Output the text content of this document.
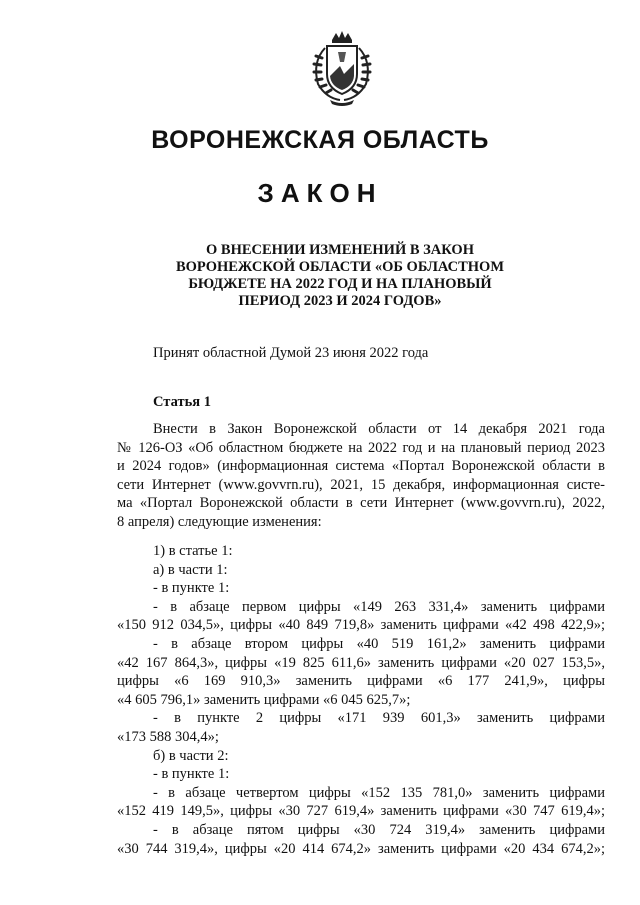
ВОРОНЕЖСКАЯ ОБЛАСТЬ
ЗАКОН
О ВНЕСЕНИИ ИЗМЕНЕНИЙ В ЗАКОН
ВОРОНЕЖСКОЙ ОБЛАСТИ «ОБ ОБЛАСТНОМ
БЮДЖЕТЕ НА 2022 ГОД И НА ПЛАНОВЫЙ
ПЕРИОД 2023 И 2024 ГОДОВ»
Принят областной Думой 23 июня 2022 года
Статья 1
Внести в Закон Воронежской области от 14 декабря 2021 года
№ 126-ОЗ «Об областном бюджете на 2022 год и на плановый период 2023
и 2024 годов» (информационная система «Портал Воронежской области в
сети Интернет (www.govvrn.ru), 2021, 15 декабря, информационная систе-
ма «Портал Воронежской области в сети Интернет (www.govvrn.ru), 2022,
8 апреля) следующие изменения:
1) в статье 1:
а) в части 1:
- в пункте 1:
- в абзаце первом цифры «149 263 331,4» заменить цифрами
«150 912 034,5», цифры «40 849 719,8» заменить цифрами «42 498 422,9»;
- в абзаце втором цифры «40 519 161,2» заменить цифрами
«42 167 864,3», цифры «19 825 611,6» заменить цифрами «20 027 153,5»,
цифры «6 169 910,3» заменить цифрами «6 177 241,9», цифры
«4 605 796,1» заменить цифрами «6 045 625,7»;
- в пункте 2 цифры «171 939 601,3» заменить цифрами
«173 588 304,4»;
б) в части 2:
- в пункте 1:
- в абзаце четвертом цифры «152 135 781,0» заменить цифрами
«152 419 149,5», цифры «30 727 619,4» заменить цифрами «30 747 619,4»;
- в абзаце пятом цифры «30 724 319,4» заменить цифрами
«30 744 319,4», цифры «20 414 674,2» заменить цифрами «20 434 674,2»;
